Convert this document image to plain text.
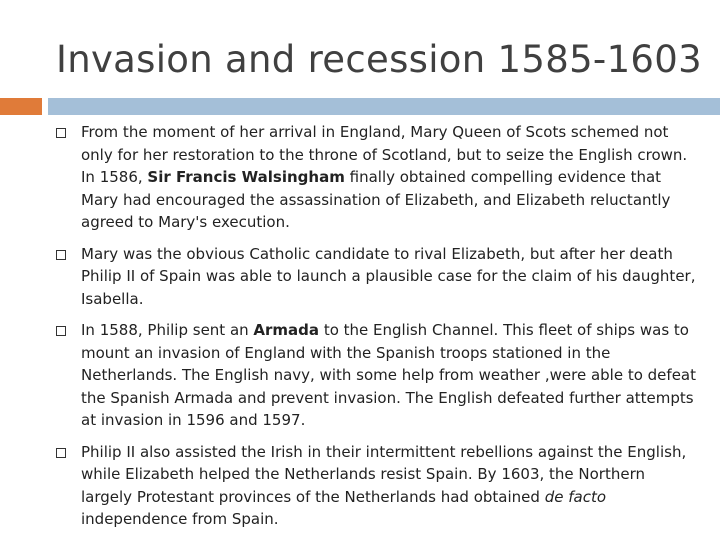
Invasion and recession 1585-1603
From the moment of her arrival in England, Mary Queen of Scots schemed not only for her restoration to the throne of Scotland, but to seize the English crown. In 1586, Sir Francis Walsingham finally obtained compelling evidence that Mary had encouraged the assassination of Elizabeth, and Elizabeth reluctantly agreed to Mary's execution.
Mary was the obvious Catholic candidate to rival Elizabeth, but after her death Philip II of Spain was able to launch a plausible case for the claim of his daughter, Isabella.
In 1588, Philip sent an Armada to the English Channel. This fleet of ships was to mount an invasion of England with the Spanish troops stationed in the Netherlands. The English navy, with some help from weather ,were able to defeat the Spanish Armada and prevent invasion. The English defeated further attempts at invasion in 1596 and 1597.
Philip II also assisted the Irish in their intermittent rebellions against the English, while Elizabeth helped the Netherlands resist Spain. By 1603, the Northern largely Protestant provinces of the Netherlands had obtained de facto independence from Spain.
